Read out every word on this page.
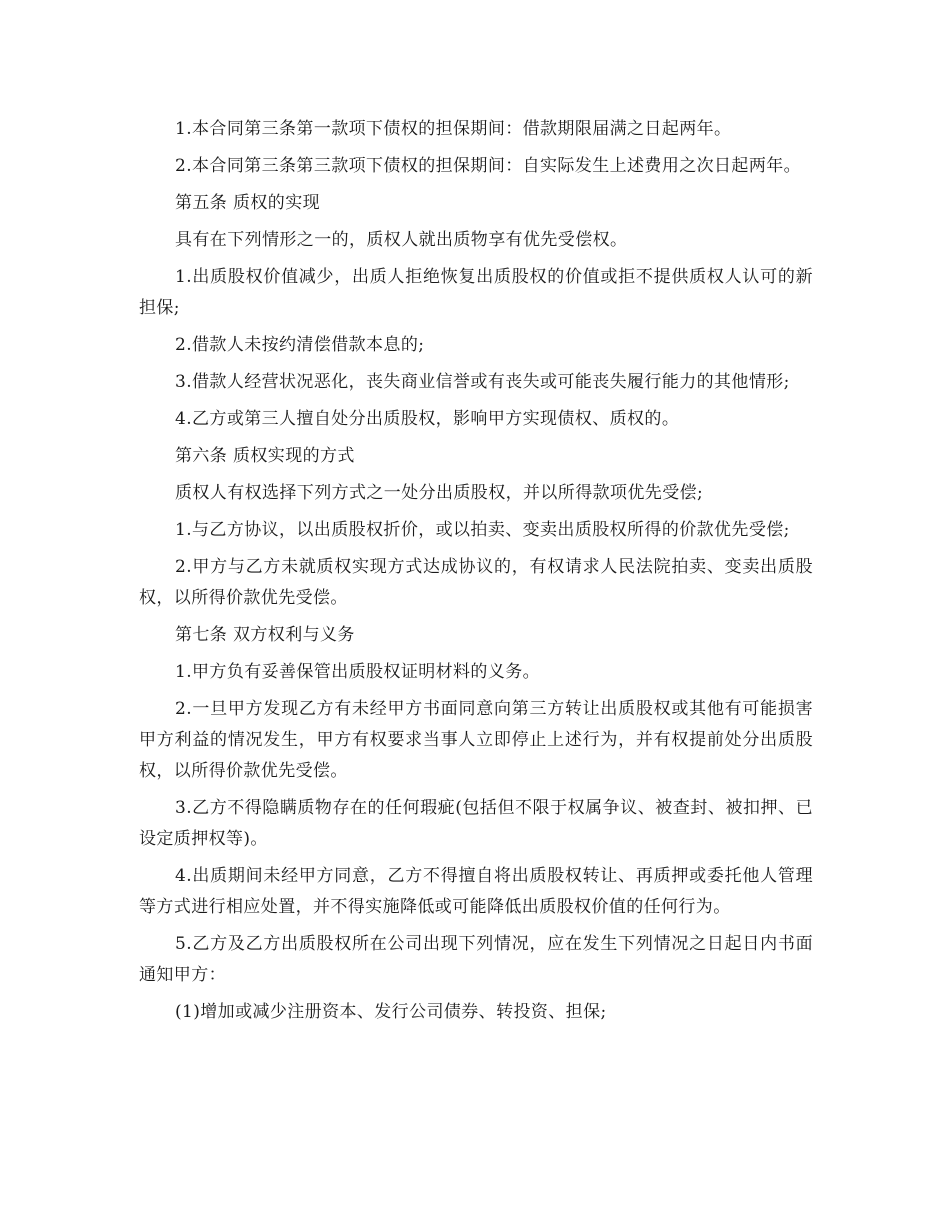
1.本合同第三条第一款项下债权的担保期间：借款期限届满之日起两年。

2.本合同第三条第三款项下债权的担保期间：自实际发生上述费用之次日起两年。

第五条 质权的实现

具有在下列情形之一的，质权人就出质物享有优先受偿权。

1.出质股权价值减少，出质人拒绝恢复出质股权的价值或拒不提供质权人认可的新担保;

2.借款人未按约清偿借款本息的;

3.借款人经营状况恶化，丧失商业信誉或有丧失或可能丧失履行能力的其他情形;

4.乙方或第三人擅自处分出质股权，影响甲方实现债权、质权的。

第六条 质权实现的方式

质权人有权选择下列方式之一处分出质股权，并以所得款项优先受偿;

1.与乙方协议，以出质股权折价，或以拍卖、变卖出质股权所得的价款优先受偿;

2.甲方与乙方未就质权实现方式达成协议的，有权请求人民法院拍卖、变卖出质股权，以所得价款优先受偿。

第七条 双方权利与义务

1.甲方负有妥善保管出质股权证明材料的义务。

2.一旦甲方发现乙方有未经甲方书面同意向第三方转让出质股权或其他有可能损害甲方利益的情况发生，甲方有权要求当事人立即停止上述行为，并有权提前处分出质股权，以所得价款优先受偿。

3.乙方不得隐瞒质物存在的任何瑕疵(包括但不限于权属争议、被查封、被扣押、已设定质押权等)。

4.出质期间未经甲方同意，乙方不得擅自将出质股权转让、再质押或委托他人管理等方式进行相应处置，并不得实施降低或可能降低出质股权价值的任何行为。

5.乙方及乙方出质股权所在公司出现下列情况，应在发生下列情况之日起日内书面通知甲方：

(1)增加或减少注册资本、发行公司债券、转投资、担保;
